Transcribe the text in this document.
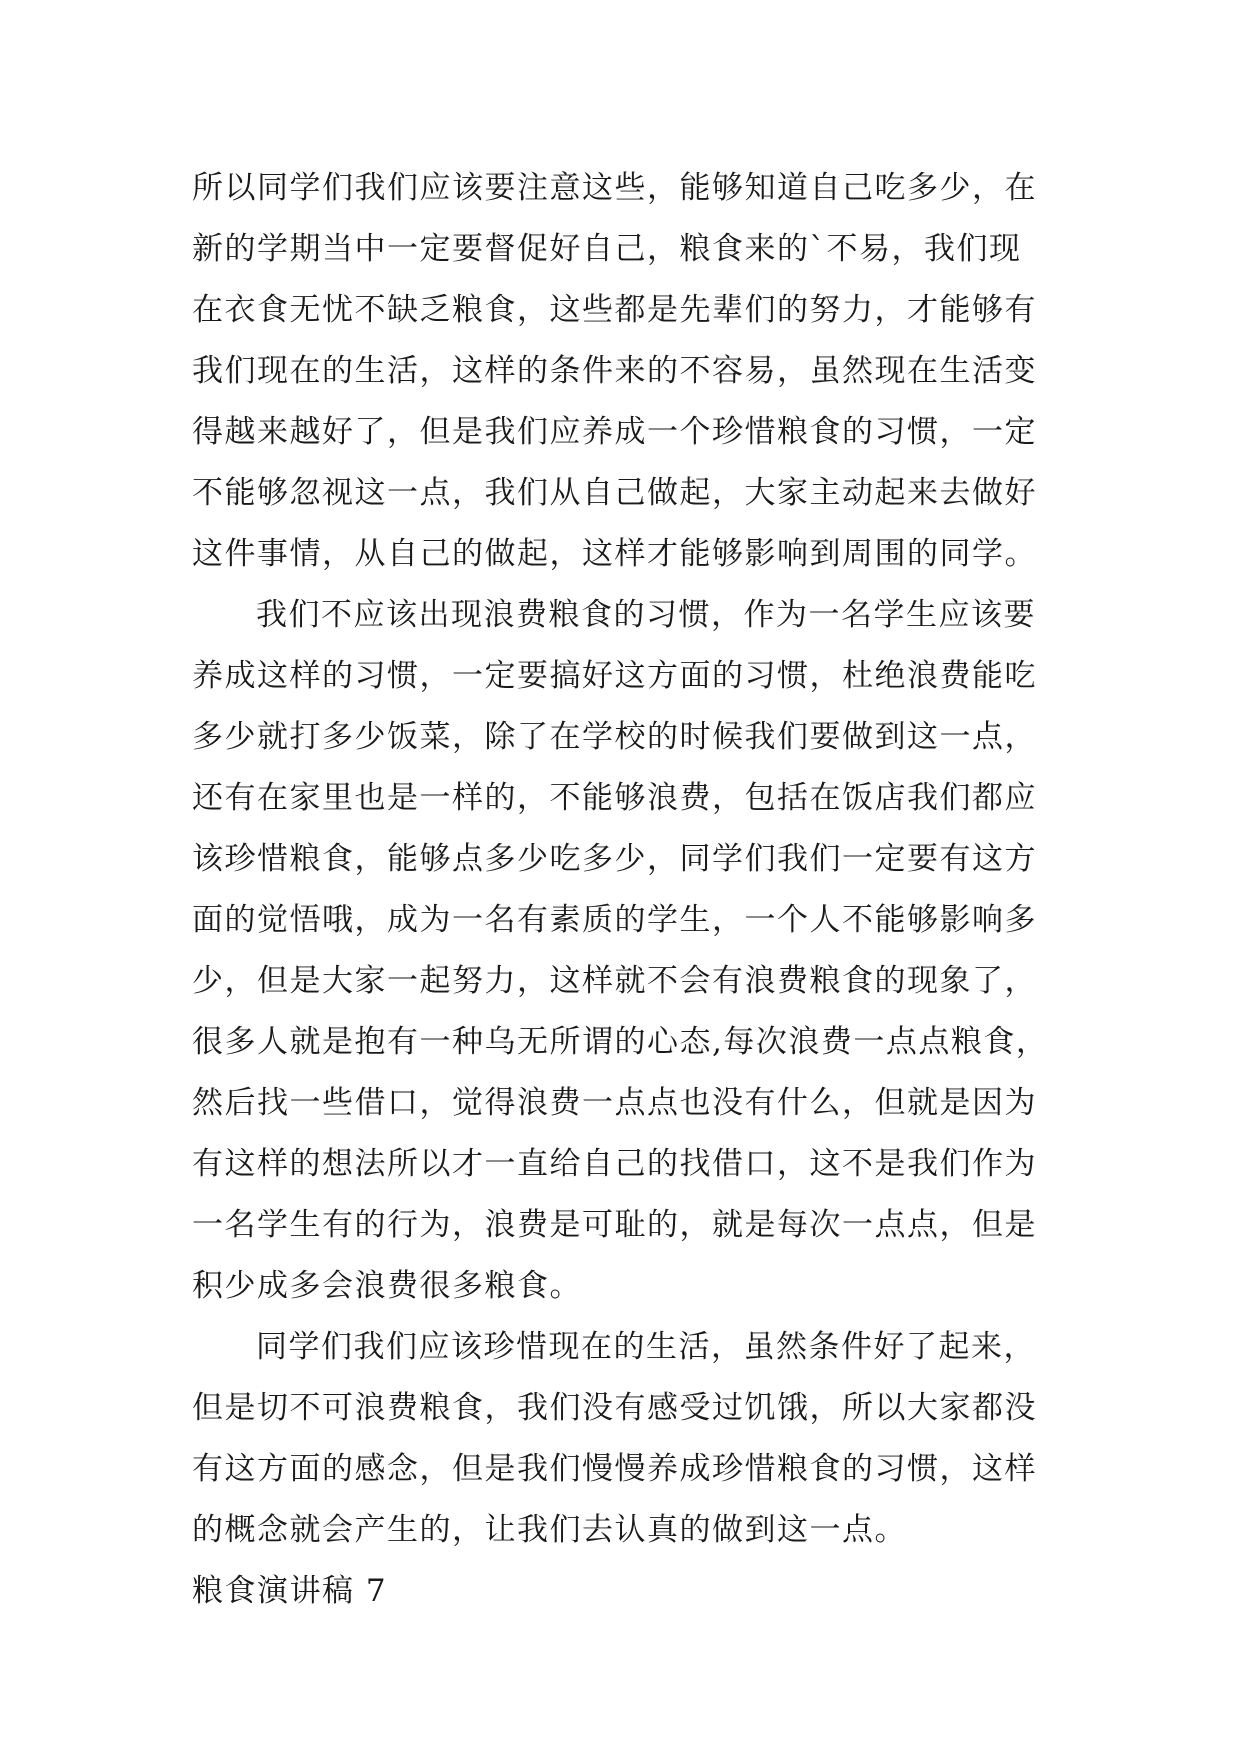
所以同学们我们应该要注意这些，能够知道自己吃多少，在
新的学期当中一定要督促好自己，粮食来的`不易，我们现
在衣食无忧不缺乏粮食，这些都是先辈们的努力，才能够有
我们现在的生活，这样的条件来的不容易，虽然现在生活变
得越来越好了，但是我们应养成一个珍惜粮食的习惯，一定
不能够忽视这一点，我们从自己做起，大家主动起来去做好
这件事情，从自己的做起，这样才能够影响到周围的同学。
我们不应该出现浪费粮食的习惯，作为一名学生应该要
养成这样的习惯，一定要搞好这方面的习惯，杜绝浪费能吃
多少就打多少饭菜，除了在学校的时候我们要做到这一点，
还有在家里也是一样的，不能够浪费，包括在饭店我们都应
该珍惜粮食，能够点多少吃多少，同学们我们一定要有这方
面的觉悟哦，成为一名有素质的学生，一个人不能够影响多
少，但是大家一起努力，这样就不会有浪费粮食的现象了，
很多人就是抱有一种乌无所谓的心态,每次浪费一点点粮食，
然后找一些借口，觉得浪费一点点也没有什么，但就是因为
有这样的想法所以才一直给自己的找借口，这不是我们作为
一名学生有的行为，浪费是可耻的，就是每次一点点，但是
积少成多会浪费很多粮食。
同学们我们应该珍惜现在的生活，虽然条件好了起来，
但是切不可浪费粮食，我们没有感受过饥饿，所以大家都没
有这方面的感念，但是我们慢慢养成珍惜粮食的习惯，这样
的概念就会产生的，让我们去认真的做到这一点。
粮食演讲稿 7
